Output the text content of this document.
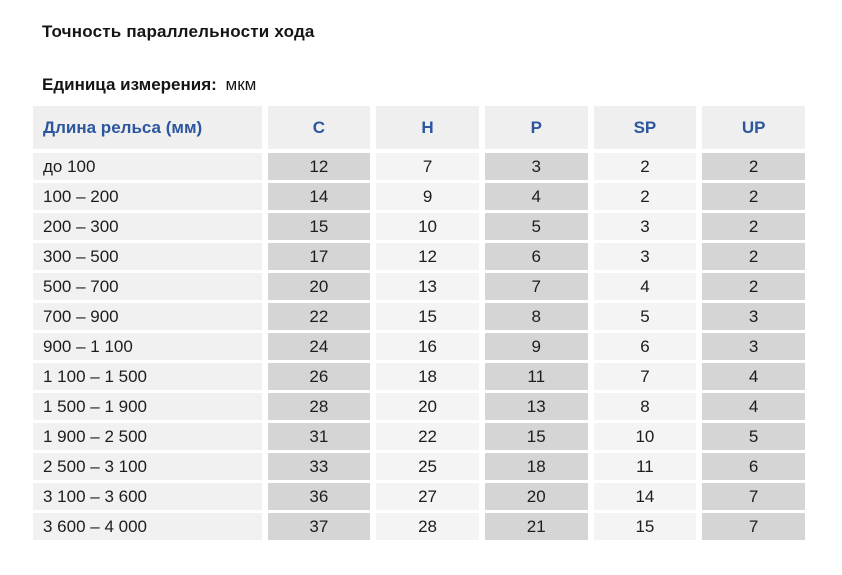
Точность параллельности хода
Единица измерения: мкм
Длина рельса (мм)	C	H	P	SP	UP
до 100	12	7	3	2	2
100 – 200	14	9	4	2	2
200 – 300	15	10	5	3	2
300 – 500	17	12	6	3	2
500 – 700	20	13	7	4	2
700 – 900	22	15	8	5	3
900 – 1 100	24	16	9	6	3
1 100 – 1 500	26	18	11	7	4
1 500 – 1 900	28	20	13	8	4
1 900 – 2 500	31	22	15	10	5
2 500 – 3 100	33	25	18	11	6
3 100 – 3 600	36	27	20	14	7
3 600 – 4 000	37	28	21	15	7
